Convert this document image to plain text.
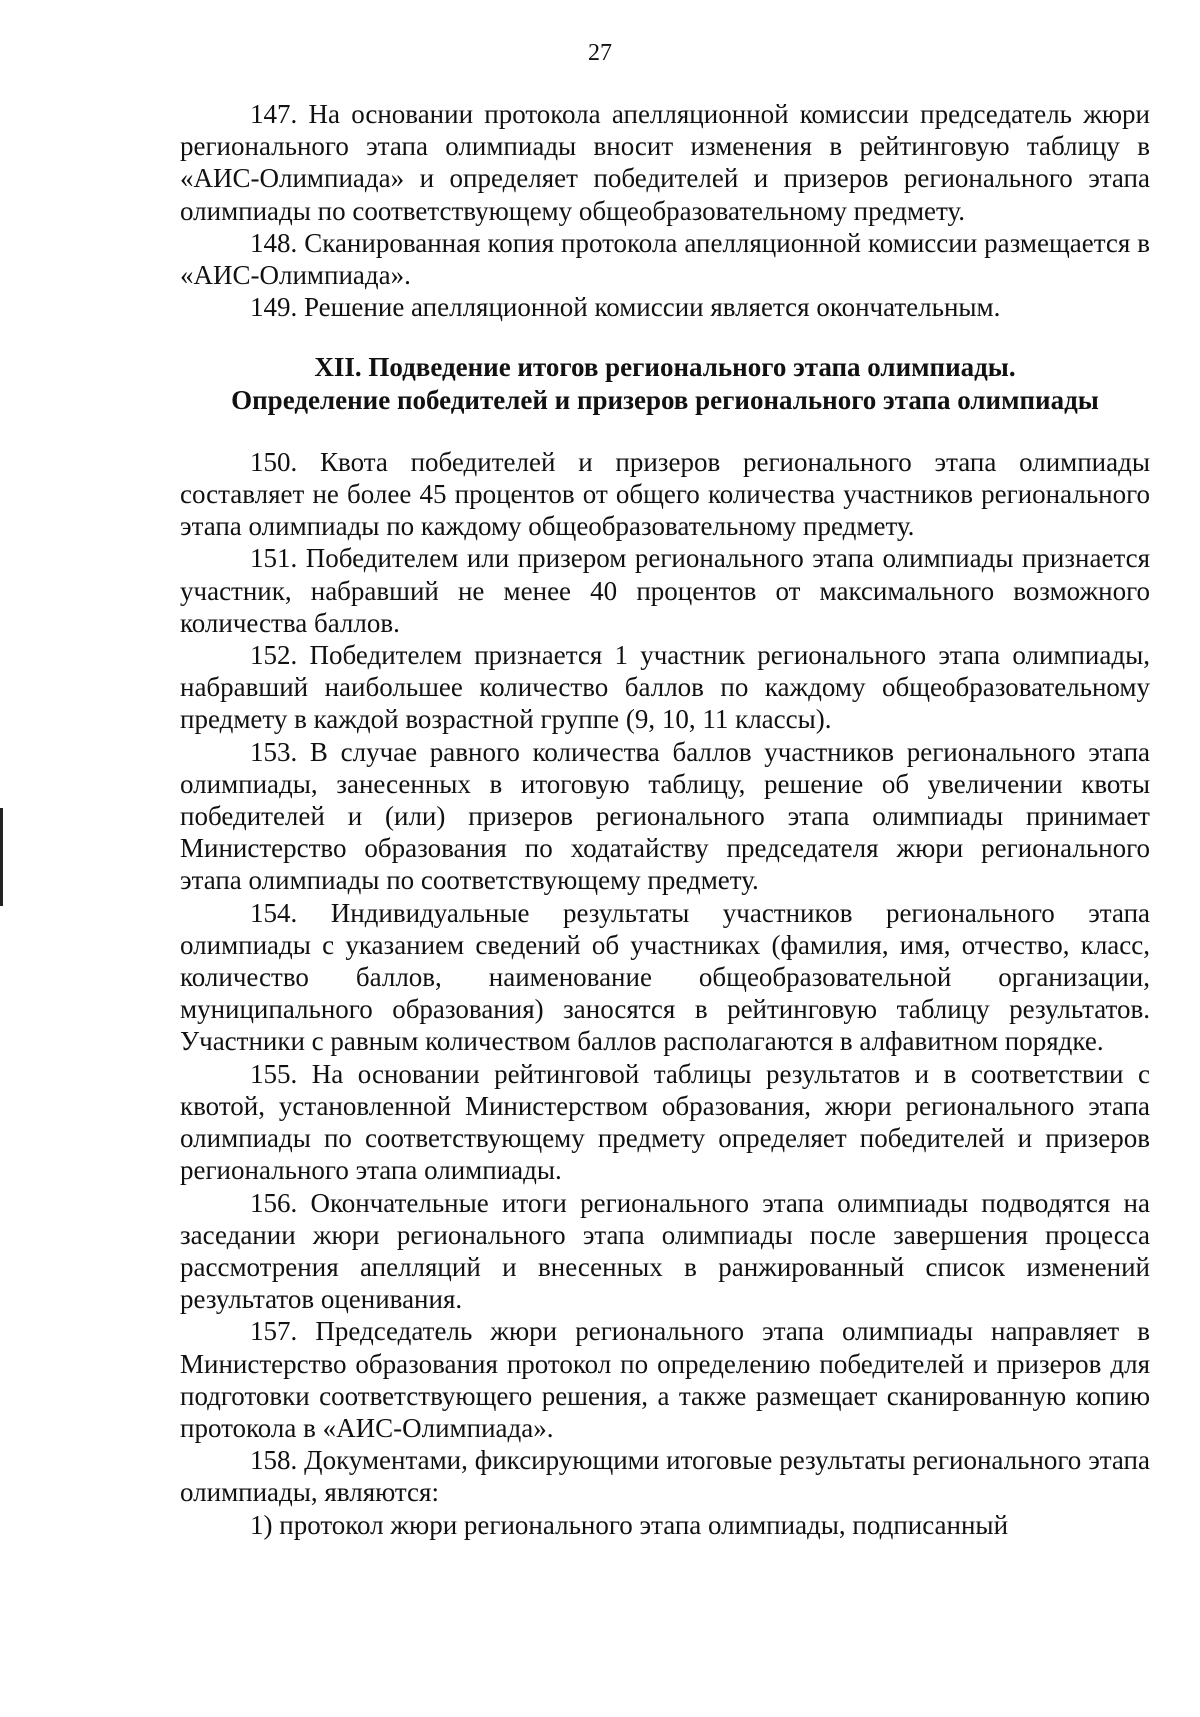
27

147. На основании протокола апелляционной комиссии председатель жюри регионального этапа олимпиады вносит изменения в рейтинговую таблицу в «АИС-Олимпиада» и определяет победителей и призеров регионального этапа олимпиады по соответствующему общеобразовательному предмету.

148. Сканированная копия протокола апелляционной комиссии размещается в «АИС-Олимпиада».

149. Решение апелляционной комиссии является окончательным.

XII. Подведение итогов регионального этапа олимпиады.
Определение победителей и призеров регионального этапа олимпиады

150. Квота победителей и призеров регионального этапа олимпиады составляет не более 45 процентов от общего количества участников регионального этапа олимпиады по каждому общеобразовательному предмету.

151. Победителем или призером регионального этапа олимпиады признается участник, набравший не менее 40 процентов от максимального возможного количества баллов.

152. Победителем признается 1 участник регионального этапа олимпиады, набравший наибольшее количество баллов по каждому общеобразовательному предмету в каждой возрастной группе (9, 10, 11 классы).

153. В случае равного количества баллов участников регионального этапа олимпиады, занесенных в итоговую таблицу, решение об увеличении квоты победителей и (или) призеров регионального этапа олимпиады принимает Министерство образования по ходатайству председателя жюри регионального этапа олимпиады по соответствующему предмету.

154. Индивидуальные результаты участников регионального этапа олимпиады с указанием сведений об участниках (фамилия, имя, отчество, класс, количество баллов, наименование общеобразовательной организации, муниципального образования) заносятся в рейтинговую таблицу результатов. Участники с равным количеством баллов располагаются в алфавитном порядке.

155. На основании рейтинговой таблицы результатов и в соответствии с квотой, установленной Министерством образования, жюри регионального этапа олимпиады по соответствующему предмету определяет победителей и призеров регионального этапа олимпиады.

156. Окончательные итоги регионального этапа олимпиады подводятся на заседании жюри регионального этапа олимпиады после завершения процесса рассмотрения апелляций и внесенных в ранжированный список изменений результатов оценивания.

157. Председатель жюри регионального этапа олимпиады направляет в Министерство образования протокол по определению победителей и призеров для подготовки соответствующего решения, а также размещает сканированную копию протокола в «АИС-Олимпиада».

158. Документами, фиксирующими итоговые результаты регионального этапа олимпиады, являются:

1) протокол жюри регионального этапа олимпиады, подписанный
